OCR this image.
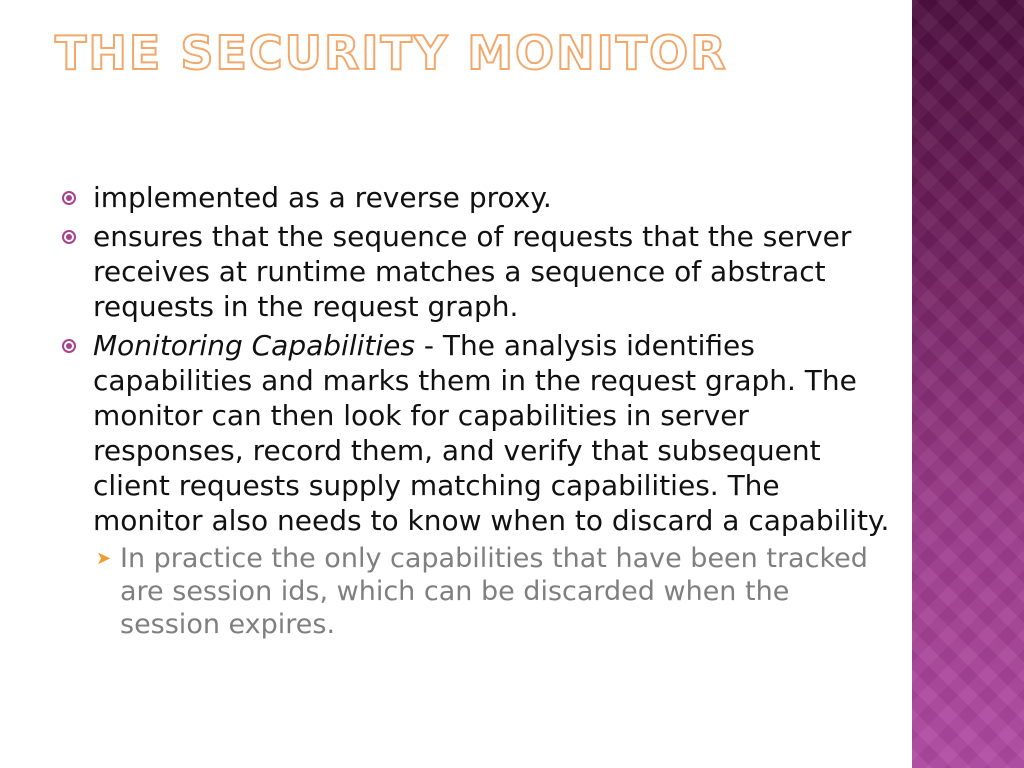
THE SECURITY MONITOR
implemented as a reverse proxy.
ensures that the sequence of requests that the server receives at runtime matches a sequence of abstract requests in the request graph.
Monitoring Capabilities - The analysis identifies capabilities and marks them in the request graph. The monitor can then look for capabilities in server responses, record them, and verify that subsequent client requests supply matching capabilities. The monitor also needs to know when to discard a capability.
➤ In practice the only capabilities that have been tracked are session ids, which can be discarded when the session expires.
